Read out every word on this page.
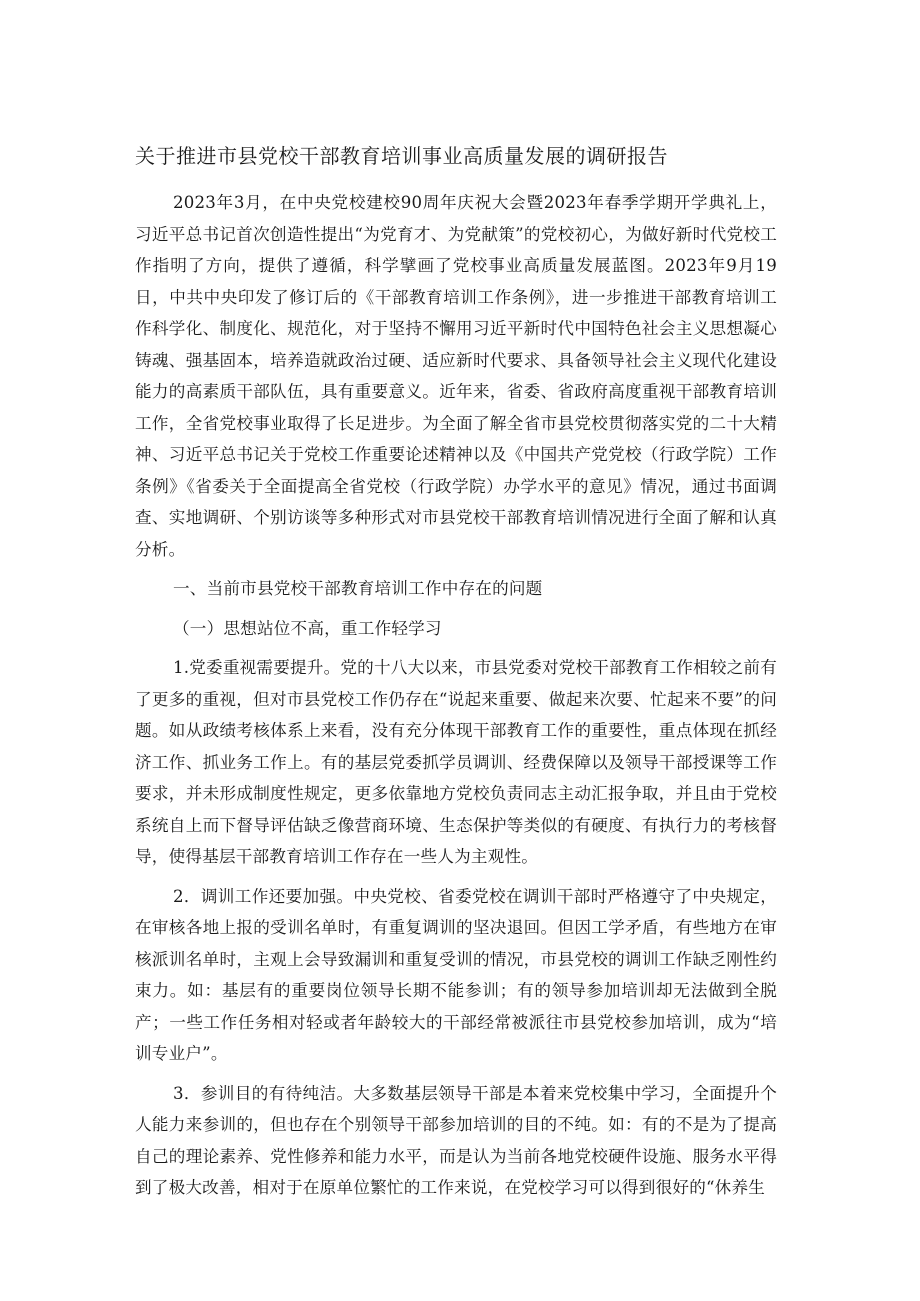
关于推进市县党校干部教育培训事业高质量发展的调研报告

2023年3月，在中央党校建校90周年庆祝大会暨2023年春季学期开学典礼上，习近平总书记首次创造性提出“为党育才、为党献策”的党校初心，为做好新时代党校工作指明了方向，提供了遵循，科学擘画了党校事业高质量发展蓝图。2023年9月19日，中共中央印发了修订后的《干部教育培训工作条例》，进一步推进干部教育培训工作科学化、制度化、规范化，对于坚持不懈用习近平新时代中国特色社会主义思想凝心铸魂、强基固本，培养造就政治过硬、适应新时代要求、具备领导社会主义现代化建设能力的高素质干部队伍，具有重要意义。近年来，省委、省政府高度重视干部教育培训工作，全省党校事业取得了长足进步。为全面了解全省市县党校贯彻落实党的二十大精神、习近平总书记关于党校工作重要论述精神以及《中国共产党党校（行政学院）工作条例》《省委关于全面提高全省党校（行政学院）办学水平的意见》情况，通过书面调查、实地调研、个别访谈等多种形式对市县党校干部教育培训情况进行全面了解和认真分析。

一、当前市县党校干部教育培训工作中存在的问题

（一）思想站位不高，重工作轻学习

1.党委重视需要提升。党的十八大以来，市县党委对党校干部教育工作相较之前有了更多的重视，但对市县党校工作仍存在“说起来重要、做起来次要、忙起来不要”的问题。如从政绩考核体系上来看，没有充分体现干部教育工作的重要性，重点体现在抓经济工作、抓业务工作上。有的基层党委抓学员调训、经费保障以及领导干部授课等工作要求，并未形成制度性规定，更多依靠地方党校负责同志主动汇报争取，并且由于党校系统自上而下督导评估缺乏像营商环境、生态保护等类似的有硬度、有执行力的考核督导，使得基层干部教育培训工作存在一些人为主观性。

2．调训工作还要加强。中央党校、省委党校在调训干部时严格遵守了中央规定，在审核各地上报的受训名单时，有重复调训的坚决退回。但因工学矛盾，有些地方在审核派训名单时，主观上会导致漏训和重复受训的情况，市县党校的调训工作缺乏刚性约束力。如：基层有的重要岗位领导长期不能参训；有的领导参加培训却无法做到全脱产；一些工作任务相对轻或者年龄较大的干部经常被派往市县党校参加培训，成为“培训专业户”。

3．参训目的有待纯洁。大多数基层领导干部是本着来党校集中学习，全面提升个人能力来参训的，但也存在个别领导干部参加培训的目的不纯。如：有的不是为了提高自己的理论素养、党性修养和能力水平，而是认为当前各地党校硬件设施、服务水平得到了极大改善，相对于在原单位繁忙的工作来说，在党校学习可以得到很好的“休养生
